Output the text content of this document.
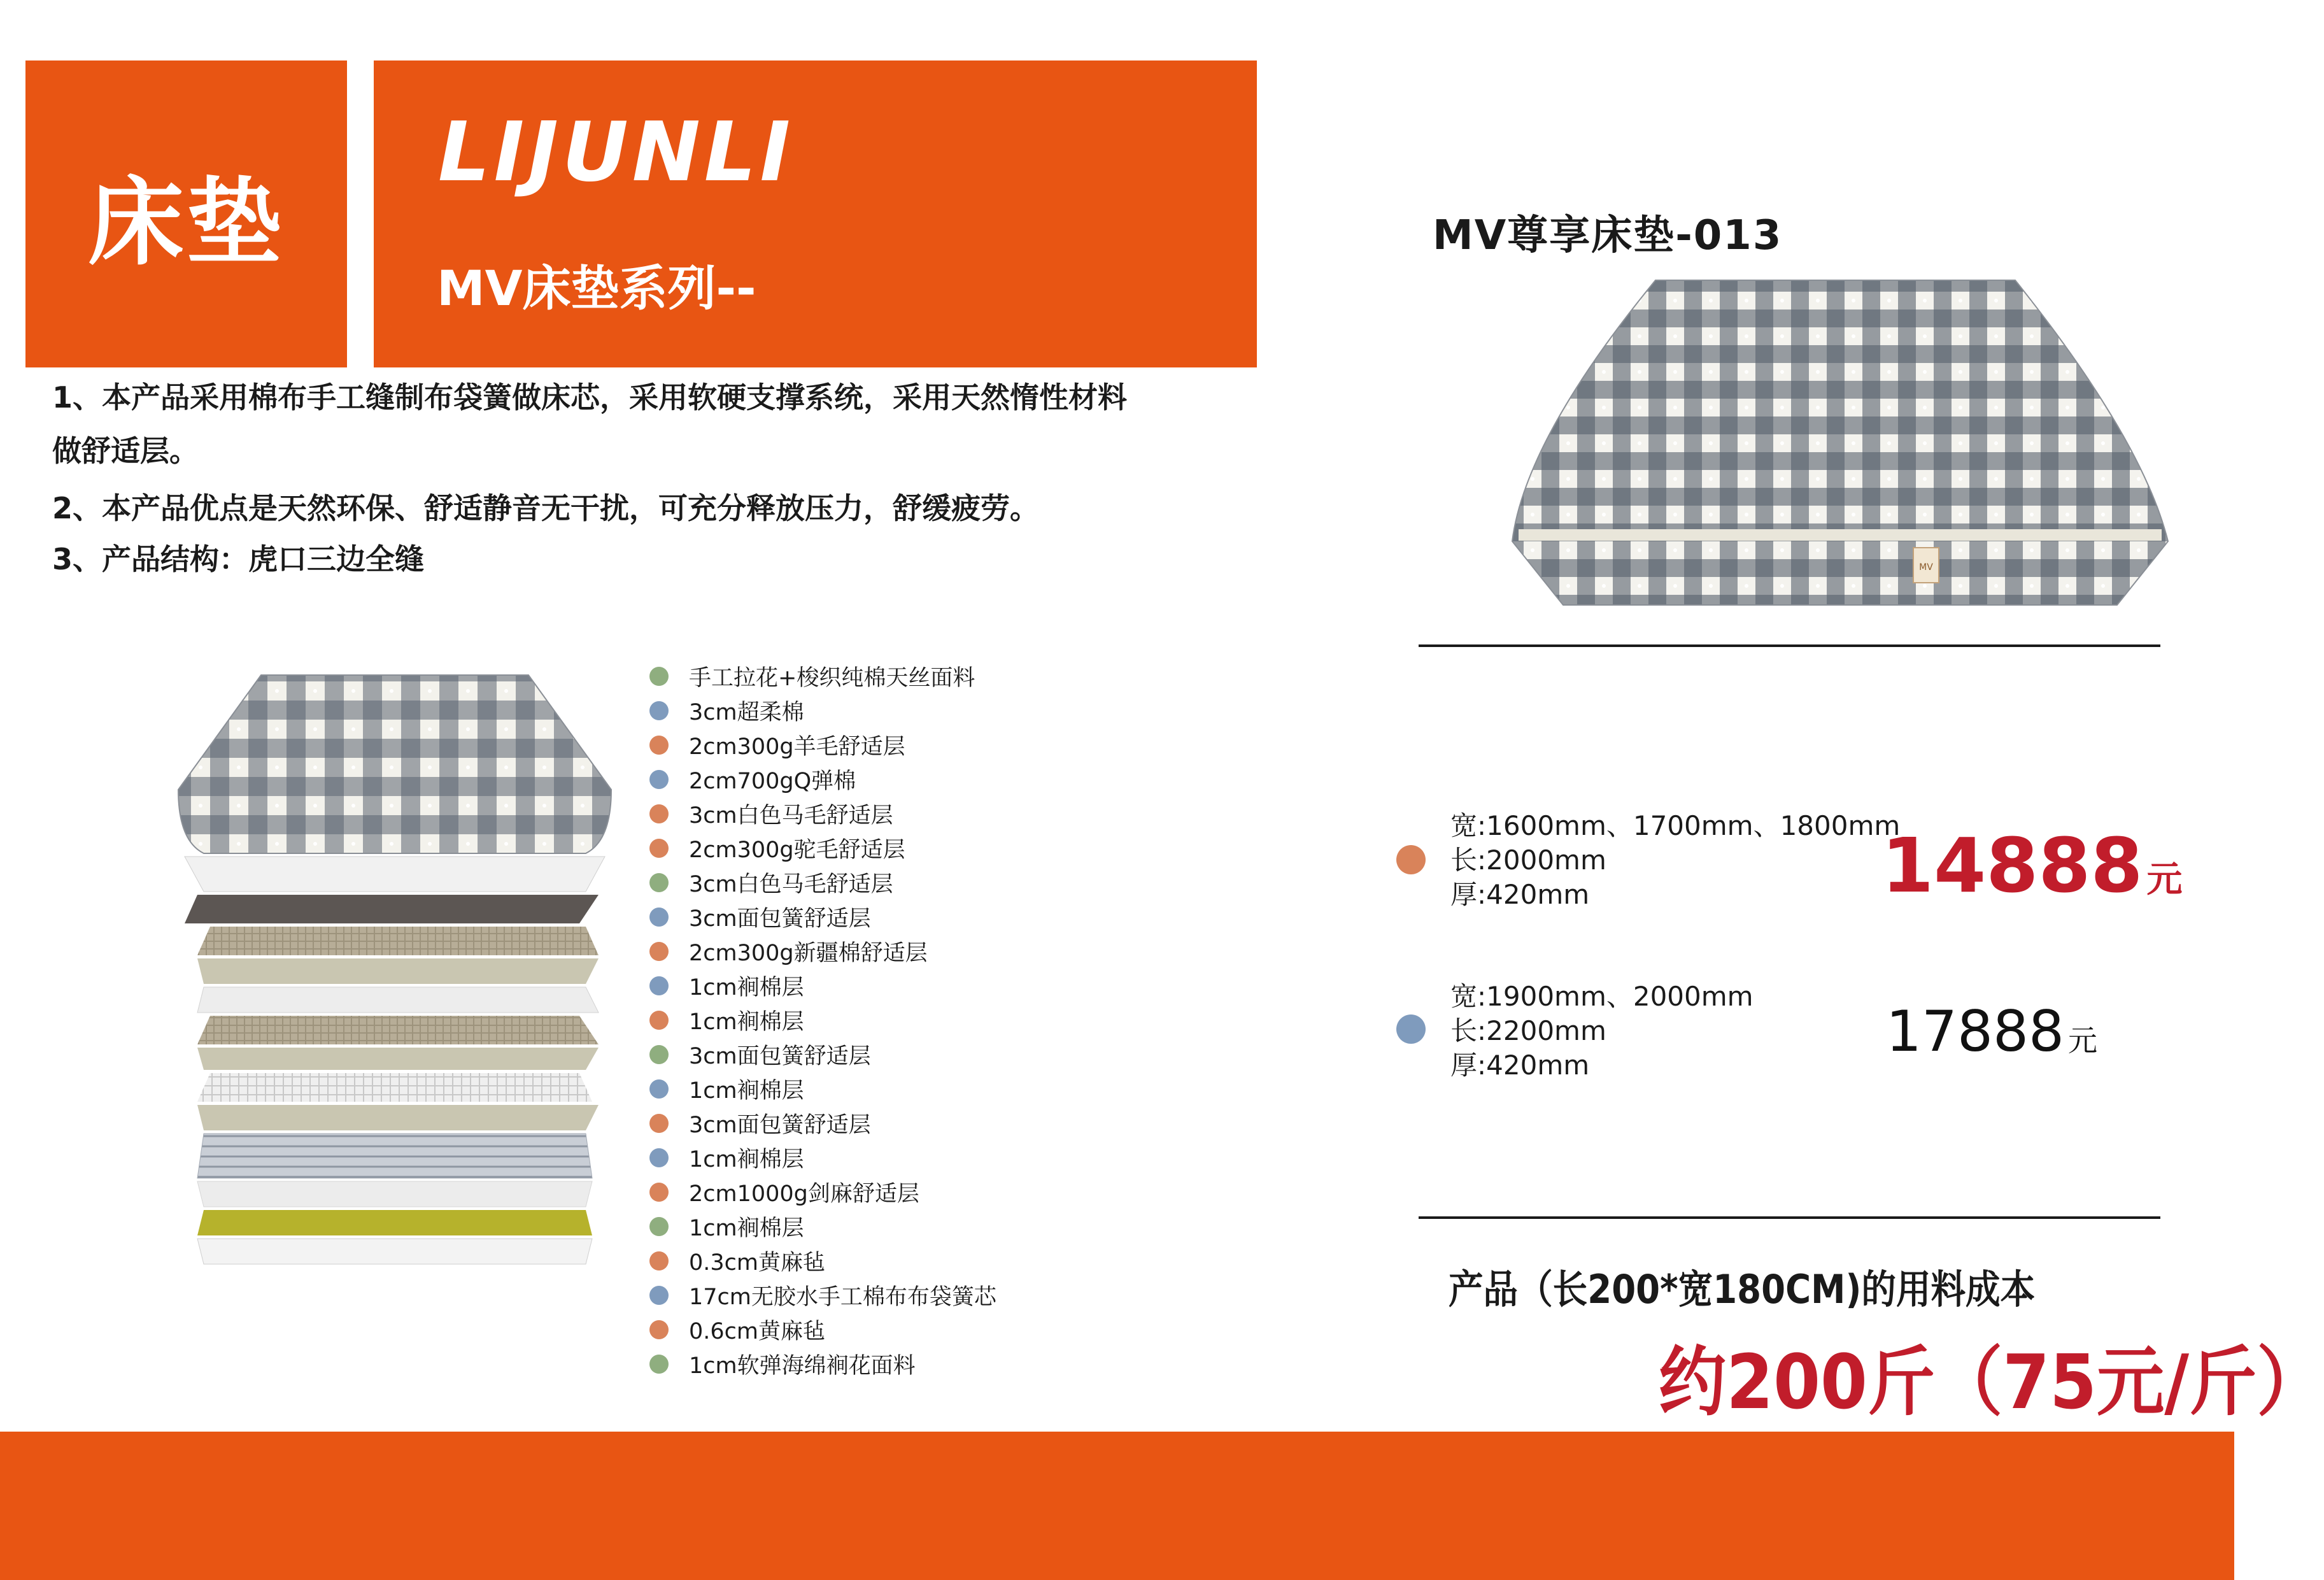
床垫
LIJUNLI
MV床垫系列--
1、本产品采用棉布手工缝制布袋簧做床芯，采用软硬支撑系统，采用天然惰性材料
做舒适层。
2、本产品优点是天然环保、舒适静音无干扰，可充分释放压力，舒缓疲劳。
3、产品结构：虎口三边全缝
手工拉花+梭织纯棉天丝面料
3cm超柔棉
2cm300g羊毛舒适层
2cm700gQ弹棉
3cm白色马毛舒适层
2cm300g驼毛舒适层
3cm白色马毛舒适层
3cm面包簧舒适层
2cm300g新疆棉舒适层
1cm裥棉层
1cm裥棉层
3cm面包簧舒适层
1cm裥棉层
3cm面包簧舒适层
1cm裥棉层
2cm1000g剑麻舒适层
1cm裥棉层
0.3cm黄麻毡
17cm无胶水手工棉布布袋簧芯
0.6cm黄麻毡
1cm软弹海绵裥花面料
MV尊享床垫-013
MV
宽:1600mm、1700mm、1800mm
长:2000mm
厚:420mm	14888 元
宽:1900mm、2000mm
长:2200mm
厚:420mm
17888 元
产品（长200*宽180CM)的用料成本
约200斤（75元/斤）
